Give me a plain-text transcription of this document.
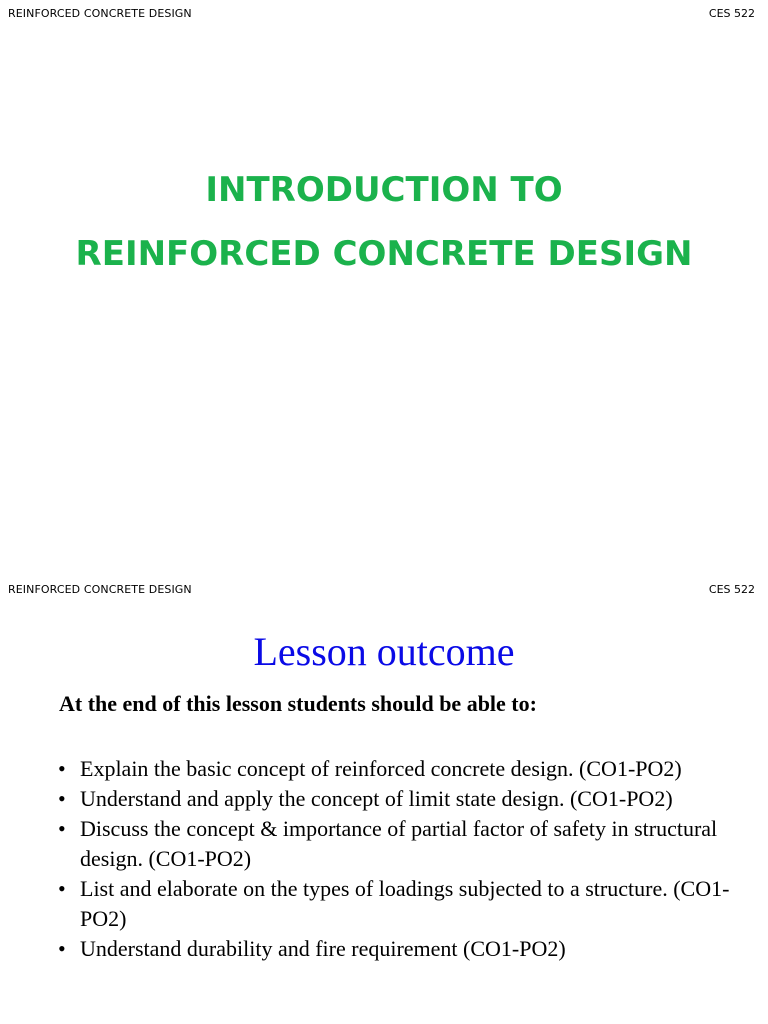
REINFORCED CONCRETE DESIGN	CES 522
INTRODUCTION TO
REINFORCED CONCRETE DESIGN
REINFORCED CONCRETE DESIGN	CES 522
Lesson outcome
At the end of this lesson students should be able to:
• Explain the basic concept of reinforced concrete design. (CO1-PO2)
• Understand and apply the concept of limit state design. (CO1-PO2)
• Discuss the concept & importance of partial factor of safety in structural design. (CO1-PO2)
• List and elaborate on the types of loadings subjected to a structure. (CO1-PO2)
• Understand durability and fire requirement (CO1-PO2)
